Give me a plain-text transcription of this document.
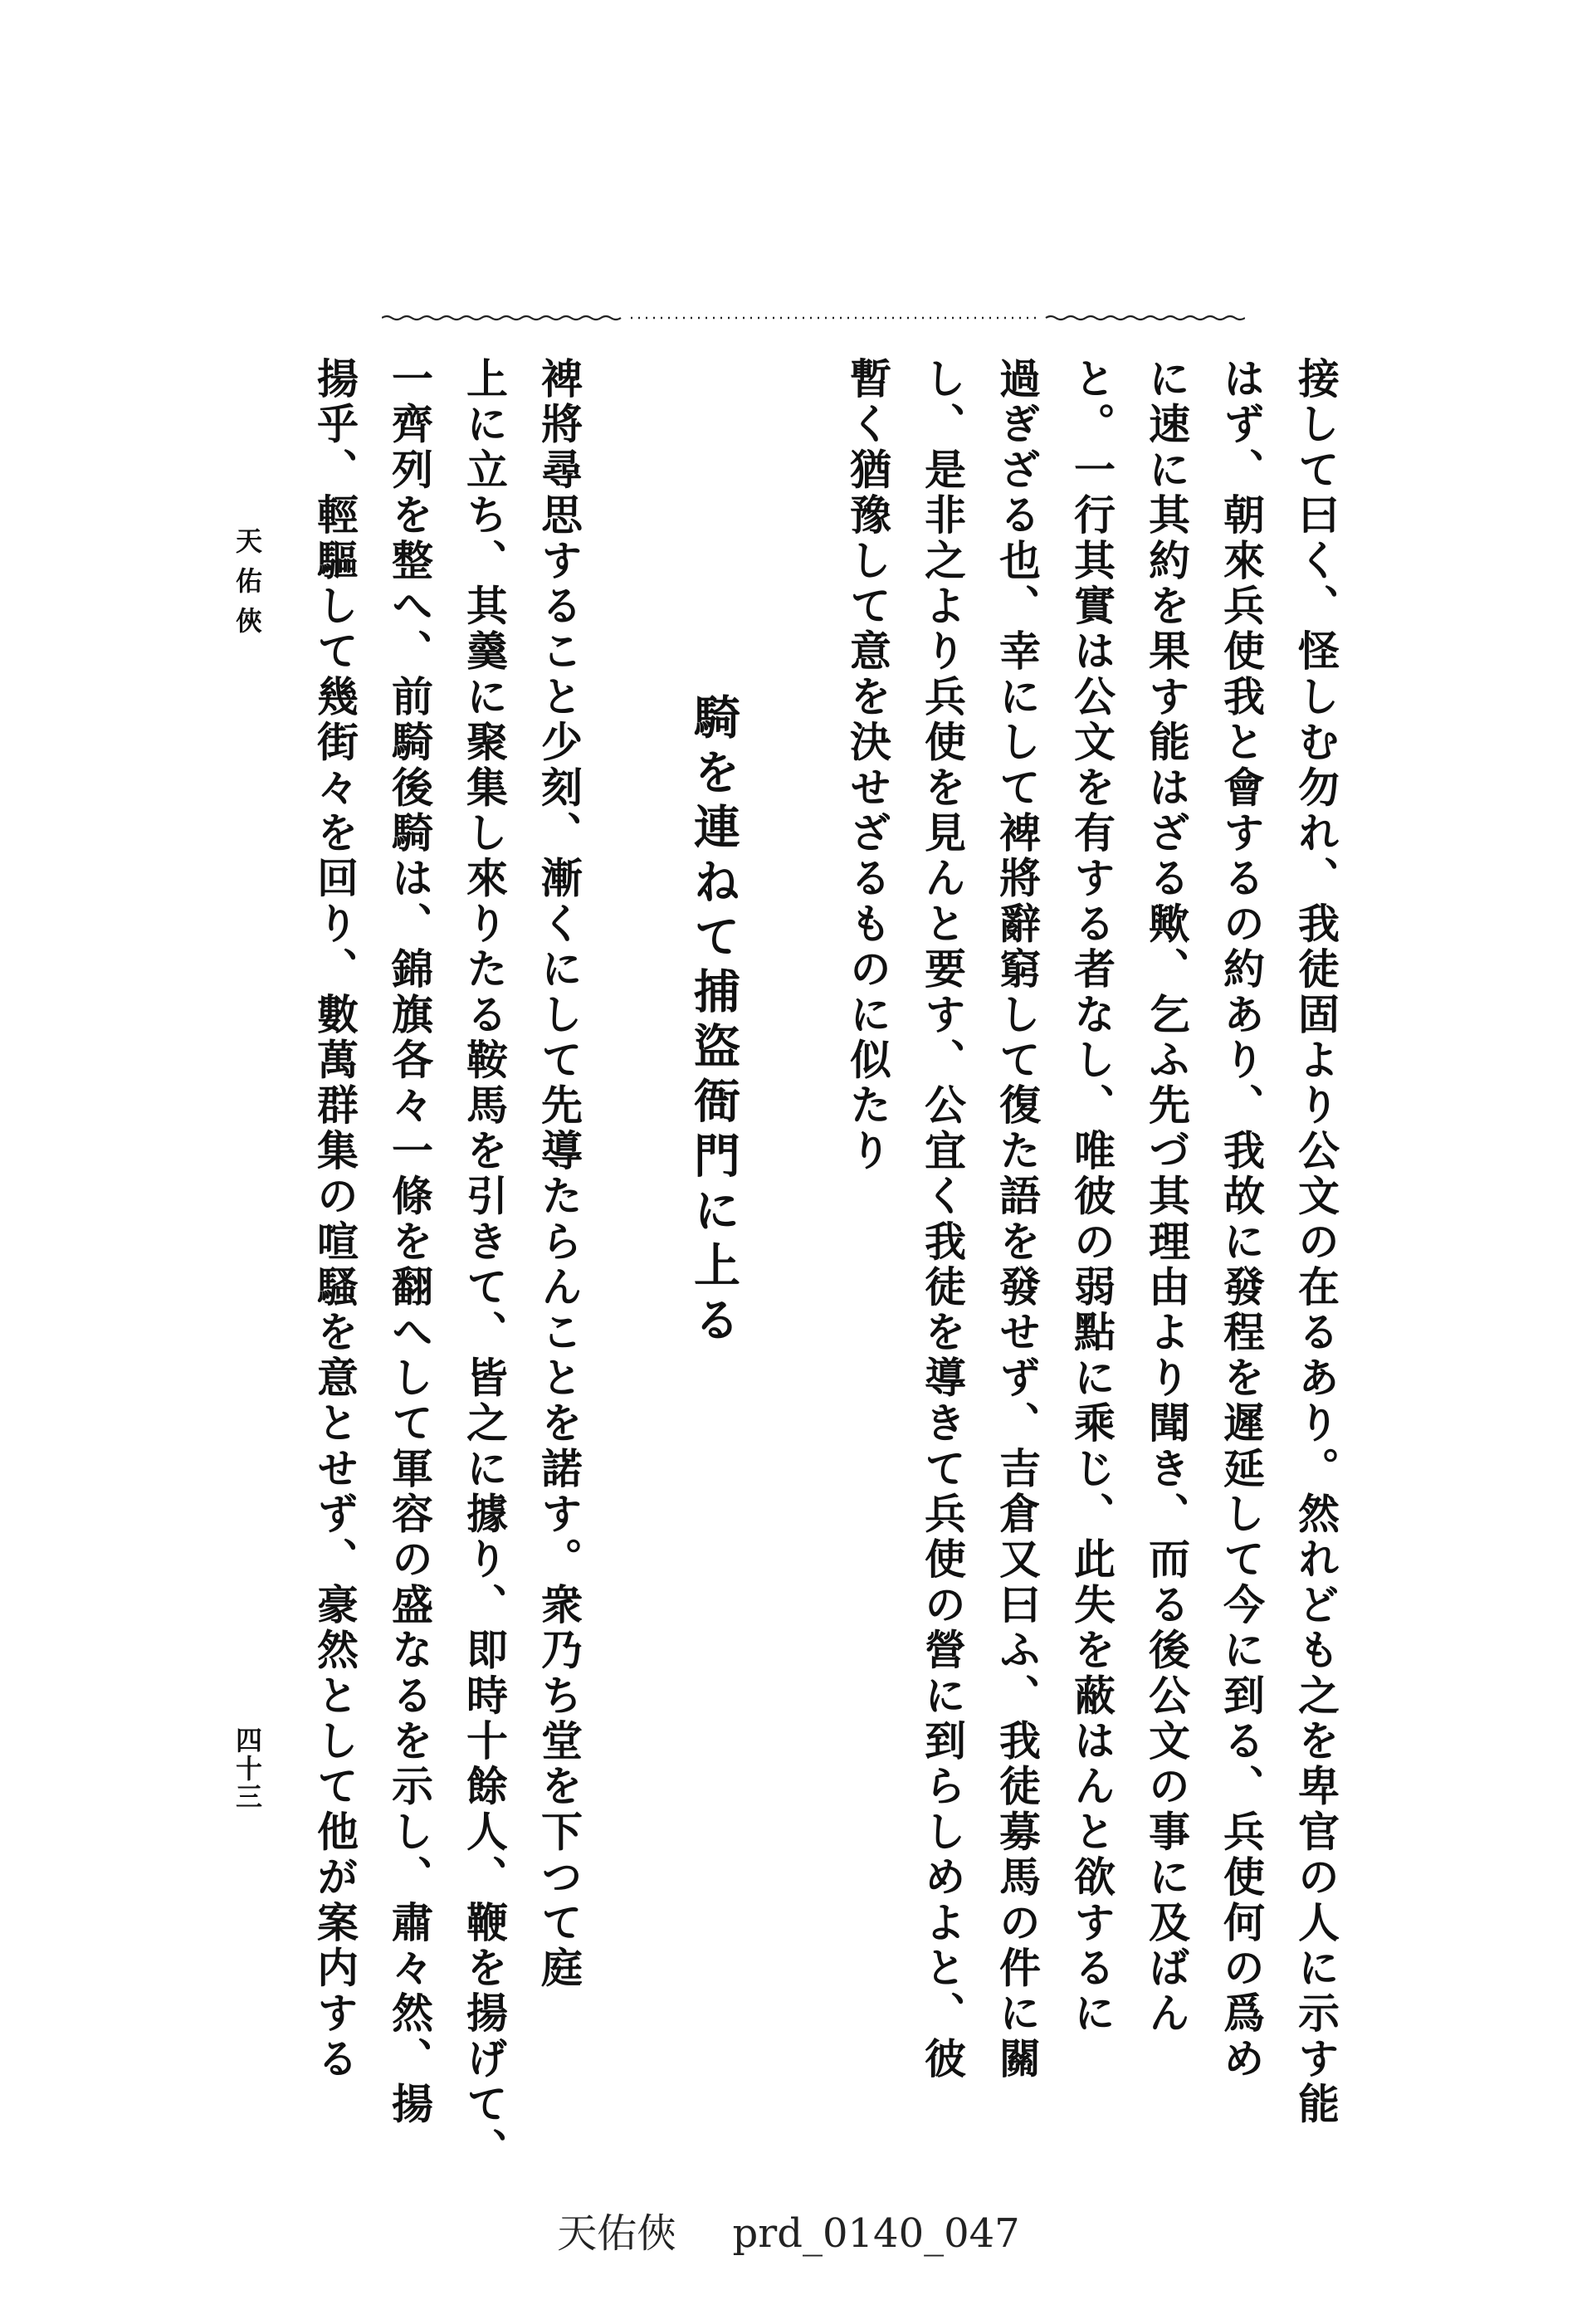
接して曰く、怪しむ勿れ、我徒固より公文の在るあり。然れども之を卑官の人に示す能
はず、朝來兵使我と會するの約あり、我故に發程を遲延して今に到る、兵使何の爲め
に速に其約を果す能はざる歟、乞ふ先づ其理由より聞き、而る後公文の事に及ばん
と。一行其實は公文を有する者なし、唯彼の弱點に乘じ、此失を蔽はんと欲するに
過ぎざる也、幸にして裨將辭窮して復た語を發せず、吉倉又曰ふ、我徒募馬の件に關
し、是非之より兵使を見んと要す、公宜く我徒を導きて兵使の營に到らしめよと、彼
暫く猶豫して意を決せざるものに似たり
騎を連ねて捕盜衙門に上る
裨將尋思すること少刻、漸くにして先導たらんことを諾す。衆乃ち堂を下つて庭
上に立ち、其羹に聚集し來りたる鞍馬を引きて、皆之に據り、即時十餘人、鞭を揚げて、
一齊列を整へ、前騎後騎は、錦旗各々一條を翻へして軍容の盛なるを示し、肅々然、揚
揚乎、輕驅して幾街々を回り、數萬群集の喧騷を意とせず、豪然として他が案内する
天佑俠
四十三
天佑俠 prd_0140_047
